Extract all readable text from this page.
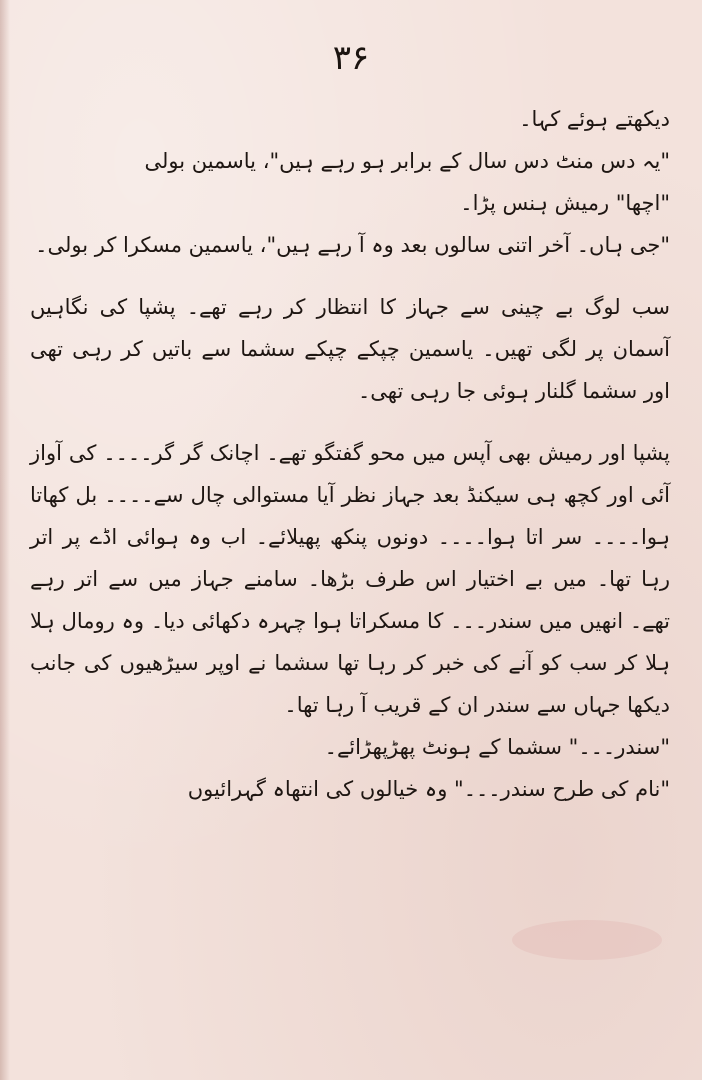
۳۶

دیکھتے ہوئے کہا۔

"یہ دس منٹ دس سال کے برابر ہو رہے ہیں"، یاسمین بولی

"اچھا" رمیش ہنس پڑا۔

"جی ہاں۔ آخر اتنی سالوں بعد وہ آ رہے ہیں"، یاسمین مسکرا کر بولی۔

سب لوگ بے چینی سے جہاز کا انتظار کر رہے تھے۔ پشپا کی نگاہیں آسمان پر لگی تھیں۔ یاسمین چپکے چپکے سشما سے باتیں کر رہی تھی اور سشما گلنار ہوئی جا رہی تھی۔

پشپا اور رمیش بھی آپس میں محو گفتگو تھے۔ اچانک گر گر۔۔۔۔ کی آواز آئی اور کچھ ہی سیکنڈ بعد جہاز نظر آیا مستوالی چال سے۔۔۔۔ بل کھاتا ہوا۔۔۔۔ سر اتا ہوا۔۔۔۔ دونوں پنکھ پھیلائے۔ اب وہ ہوائی اڈے پر اتر رہا تھا۔ میں بے اختیار اس طرف بڑھا۔ سامنے جہاز میں سے اتر رہے تھے۔ انھیں میں سندر۔۔۔ کا مسکراتا ہوا چہرہ دکھائی دیا۔ وہ رومال ہلا ہلا کر سب کو آنے کی خبر کر رہا تھا سشما نے اوپر سیڑھیوں کی جانب دیکھا جہاں سے سندر ان کے قریب آ رہا تھا۔

"سندر۔۔۔" سشما کے ہونٹ پھڑپھڑائے۔

"نام کی طرح سندر۔۔۔" وہ خیالوں کی انتھاہ گہرائیوں
